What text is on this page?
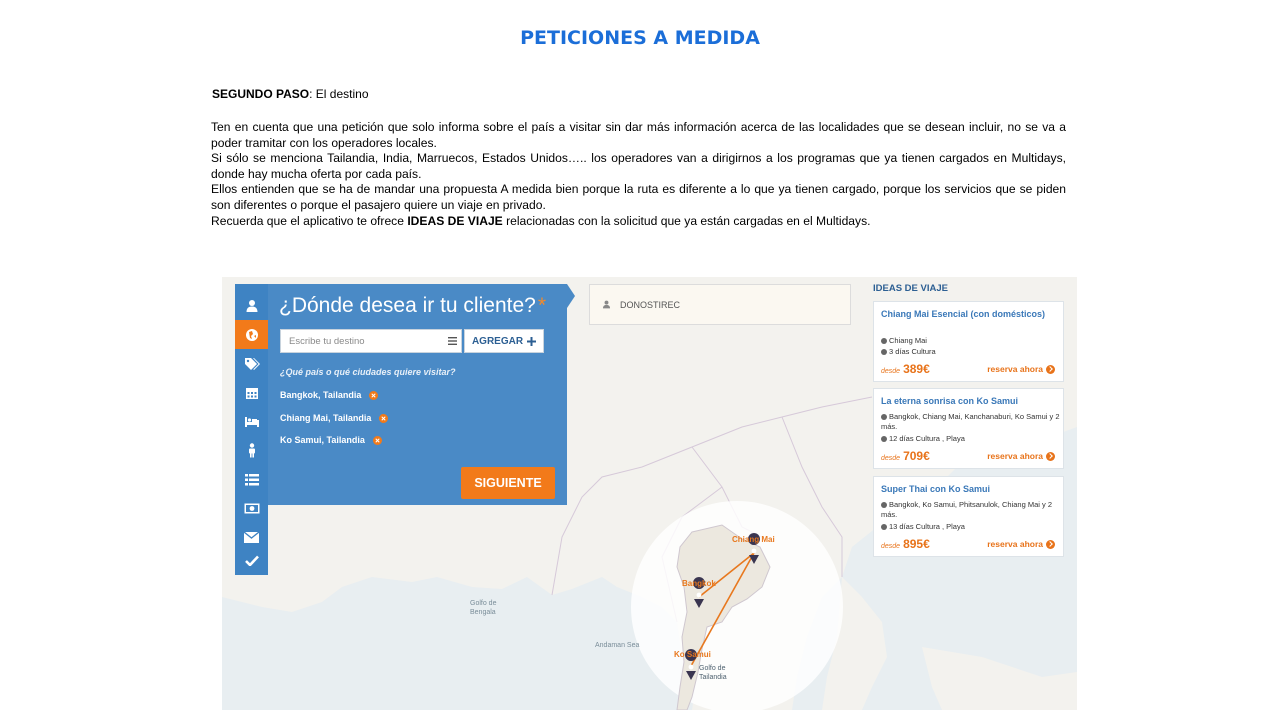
PETICIONES A MEDIDA
SEGUNDO PASO: El destino

Ten en cuenta que una petición que solo informa sobre el país a visitar sin dar más información acerca de las localidades que se desean incluir, no se va a poder tramitar con los operadores locales.

Si sólo se menciona Tailandia, India, Marruecos, Estados Unidos….. los operadores van a dirigirnos a los programas que ya tienen cargados en Multidays, donde hay mucha oferta por cada país.

Ellos entienden que se ha de mandar una propuesta A medida bien porque la ruta es diferente a lo que ya tienen cargado, porque los servicios que se piden son diferentes o porque el pasajero quiere un viaje en privado.

Recuerda que el aplicativo te ofrece IDEAS DE VIAJE relacionadas con la solicitud que ya están cargadas en el Multidays.

Chiang Mai
Bangkok
Ko Samui
Golfo de Bengala
Andaman Sea
Golfo de Tailandia
¿Dónde desea ir tu cliente?*
Escribe tu destino	AGREGAR
¿Qué país o qué ciudades quiere visitar?
Bangkok, Tailandia
Chiang Mai, Tailandia
Ko Samui, Tailandia
SIGUIENTE
DONOSTIREC
IDEAS DE VIAJE
Chiang Mai Esencial (con domésticos)
Chiang Mai
3 días Cultura
desde 389€	reserva ahora
La eterna sonrisa con Ko Samui
Bangkok, Chiang Mai, Kanchanaburi, Ko Samui y 2 más.
12 días Cultura , Playa
desde 709€	reserva ahora
Super Thai con Ko Samui
Bangkok, Ko Samui, Phitsanulok, Chiang Mai y 2 más.
13 días Cultura , Playa
desde 895€	reserva ahora
